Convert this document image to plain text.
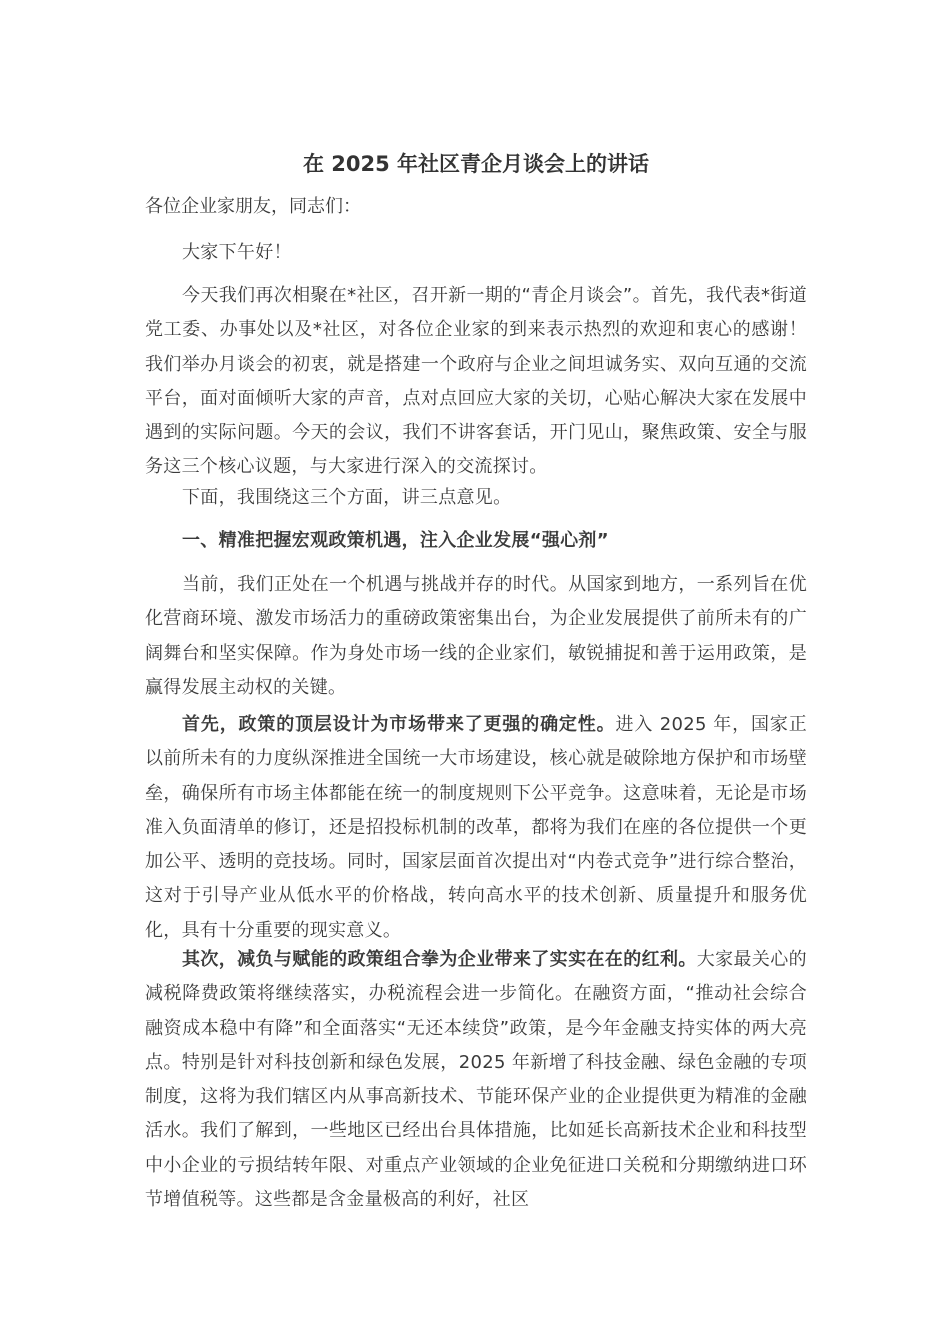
在 2025 年社区青企月谈会上的讲话

各位企业家朋友，同志们：

大家下午好！

今天我们再次相聚在*社区，召开新一期的“青企月谈会”。首先，我代表*街道党工委、办事处以及*社区，对各位企业家的到来表示热烈的欢迎和衷心的感谢！我们举办月谈会的初衷，就是搭建一个政府与企业之间坦诚务实、双向互通的交流平台，面对面倾听大家的声音，点对点回应大家的关切，心贴心解决大家在发展中遇到的实际问题。今天的会议，我们不讲客套话，开门见山，聚焦政策、安全与服务这三个核心议题，与大家进行深入的交流探讨。

下面，我围绕这三个方面，讲三点意见。

一、精准把握宏观政策机遇，注入企业发展“强心剂”

当前，我们正处在一个机遇与挑战并存的时代。从国家到地方，一系列旨在优化营商环境、激发市场活力的重磅政策密集出台，为企业发展提供了前所未有的广阔舞台和坚实保障。作为身处市场一线的企业家们，敏锐捕捉和善于运用政策，是赢得发展主动权的关键。

首先，政策的顶层设计为市场带来了更强的确定性。进入 2025 年，国家正以前所未有的力度纵深推进全国统一大市场建设，核心就是破除地方保护和市场壁垒，确保所有市场主体都能在统一的制度规则下公平竞争。这意味着，无论是市场准入负面清单的修订，还是招投标机制的改革，都将为我们在座的各位提供一个更加公平、透明的竞技场。同时，国家层面首次提出对“内卷式竞争”进行综合整治，这对于引导产业从低水平的价格战，转向高水平的技术创新、质量提升和服务优化，具有十分重要的现实意义。

其次，减负与赋能的政策组合拳为企业带来了实实在在的红利。大家最关心的减税降费政策将继续落实，办税流程会进一步简化。在融资方面，“推动社会综合融资成本稳中有降”和全面落实“无还本续贷”政策，是今年金融支持实体的两大亮点。特别是针对科技创新和绿色发展，2025 年新增了科技金融、绿色金融的专项制度，这将为我们辖区内从事高新技术、节能环保产业的企业提供更为精准的金融活水。我们了解到，一些地区已经出台具体措施，比如延长高新技术企业和科技型中小企业的亏损结转年限、对重点产业领域的企业免征进口关税和分期缴纳进口环节增值税等。这些都是含金量极高的利好，社区
